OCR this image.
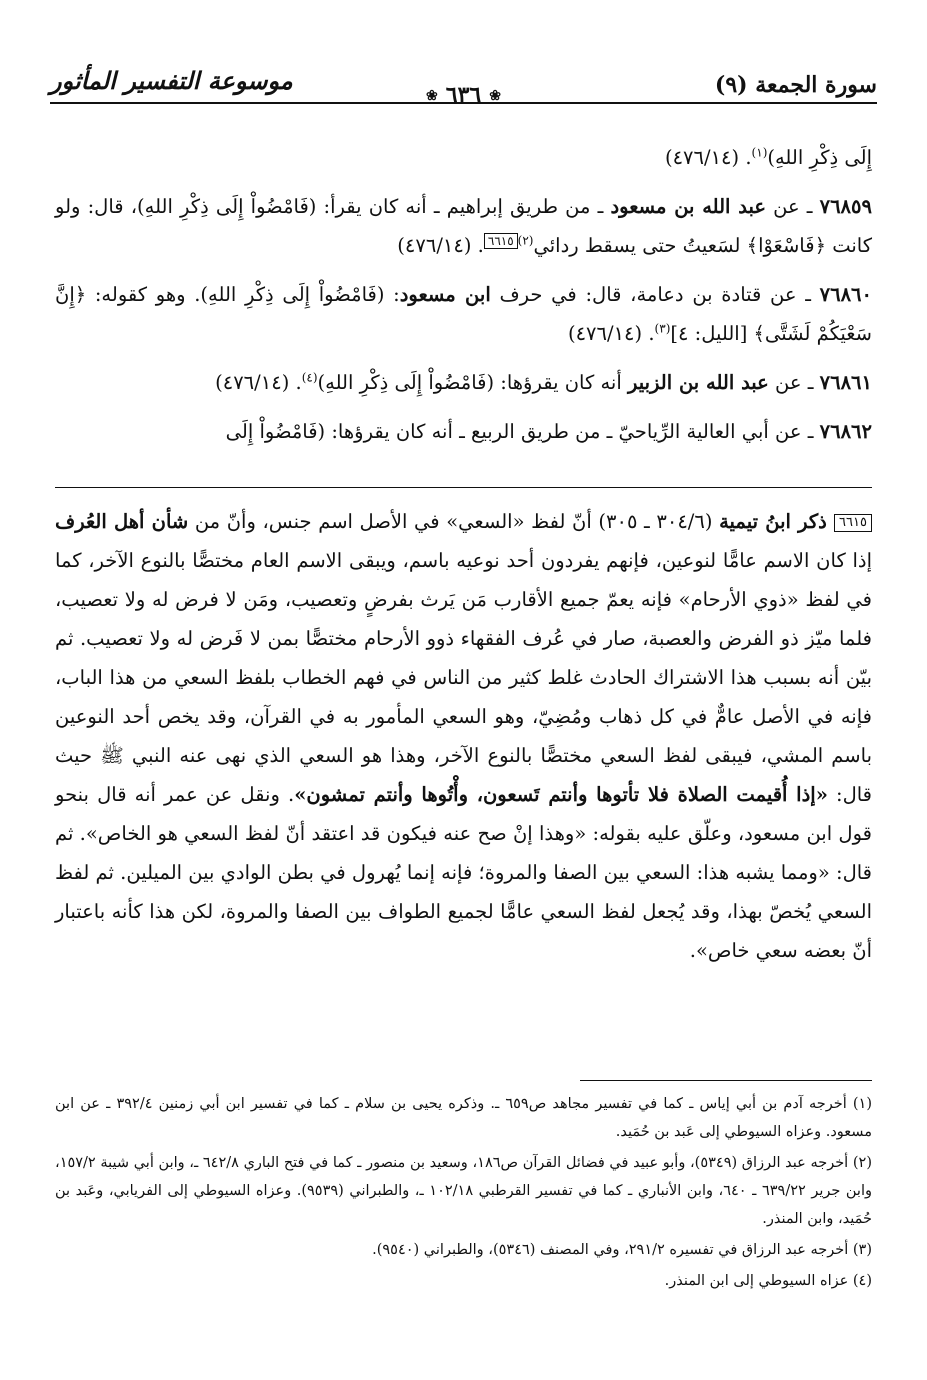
سورة الجمعة (٩)
موسوعة التفسير المأثور
❀ ٦٣٦ ❀

إِلَى ذِكْرِ اللهِ)$^{(١)}$. (٤٧٦/١٤)

٧٦٨٥٩ ـ عن عبد الله بن مسعود ـ من طريق إبراهيم ـ أنه كان يقرأ: (فَامْضُواْ إِلَى ذِكْرِ اللهِ)، قال: ولو كانت ﴿فَاسْعَوْا﴾ لسَعيتُ حتى يسقط ردائي$^{(٢)}$٦٦١٥. (٤٧٦/١٤)

٧٦٨٦٠ ـ عن قتادة بن دعامة، قال: في حرف ابن مسعود: (فَامْضُواْ إِلَى ذِكْرِ اللهِ). وهو كقوله: ﴿إِنَّ سَعْيَكُمْ لَشَتَّى﴾ [الليل: ٤]$^{(٣)}$. (٤٧٦/١٤)

٧٦٨٦١ ـ عن عبد الله بن الزبير أنه كان يقرؤها: (فَامْضُواْ إِلَى ذِكْرِ اللهِ)$^{(٤)}$. (٤٧٦/١٤)

٧٦٨٦٢ ـ عن أبي العالية الرِّياحيّ ـ من طريق الربيع ـ أنه كان يقرؤها: (فَامْضُواْ إِلَى

٦٦١٥ ذكر ابنُ تيمية (٣٠٤/٦ ـ ٣٠٥) أنّ لفظ «السعي» في الأصل اسم جنس، وأنّ من شأن أهل العُرف إذا كان الاسم عامًّا لنوعين، فإنهم يفردون أحد نوعيه باسم، ويبقى الاسم العام مختصًّا بالنوع الآخر، كما في لفظ «ذوي الأرحام» فإنه يعمّ جميع الأقارب مَن يَرث بفرضٍ وتعصيب، ومَن لا فرض له ولا تعصيب، فلما ميّز ذو الفرض والعصبة، صار في عُرف الفقهاء ذوو الأرحام مختصًّا بمن لا فَرض له ولا تعصيب. ثم بيّن أنه بسبب هذا الاشتراك الحادث غلط كثير من الناس في فهم الخطاب بلفظ السعي من هذا الباب، فإنه في الأصل عامٌّ في كل ذهاب ومُضِيّ، وهو السعي المأمور به في القرآن، وقد يخص أحد النوعين باسم المشي، فيبقى لفظ السعي مختصًّا بالنوع الآخر، وهذا هو السعي الذي نهى عنه النبي ﷺ حيث قال: «إذا أُقيمت الصلاة فلا تأتوها وأنتم تَسعون، وأْتُوها وأنتم تمشون». ونقل عن عمر أنه قال بنحو قول ابن مسعود، وعلّق عليه بقوله: «وهذا إنْ صح عنه فيكون قد اعتقد أنّ لفظ السعي هو الخاص». ثم قال: «ومما يشبه هذا: السعي بين الصفا والمروة؛ فإنه إنما يُهرول في بطن الوادي بين الميلين. ثم لفظ السعي يُخصّ بهذا، وقد يُجعل لفظ السعي عامًّا لجميع الطواف بين الصفا والمروة، لكن هذا كأنه باعتبار أنّ بعضه سعي خاص».

(١) أخرجه آدم بن أبي إياس ـ كما في تفسير مجاهد ص٦٥٩ ـ. وذكره يحيى بن سلام ـ كما في تفسير ابن أبي زمنين ٣٩٢/٤ ـ عن ابن مسعود. وعزاه السيوطي إلى عَبد بن حُمَيد.

(٢) أخرجه عبد الرزاق (٥٣٤٩)، وأبو عبيد في فضائل القرآن ص١٨٦، وسعيد بن منصور ـ كما في فتح الباري ٦٤٢/٨ ـ، وابن أبي شيبة ١٥٧/٢، وابن جرير ٦٣٩/٢٢ ـ ٦٤٠، وابن الأنباري ـ كما في تفسير القرطبي ١٠٢/١٨ ـ، والطبراني (٩٥٣٩). وعزاه السيوطي إلى الفريابي، وعَبد بن حُمَيد، وابن المنذر.

(٣) أخرجه عبد الرزاق في تفسيره ٢٩١/٢، وفي المصنف (٥٣٤٦)، والطبراني (٩٥٤٠).

(٤) عزاه السيوطي إلى ابن المنذر.
